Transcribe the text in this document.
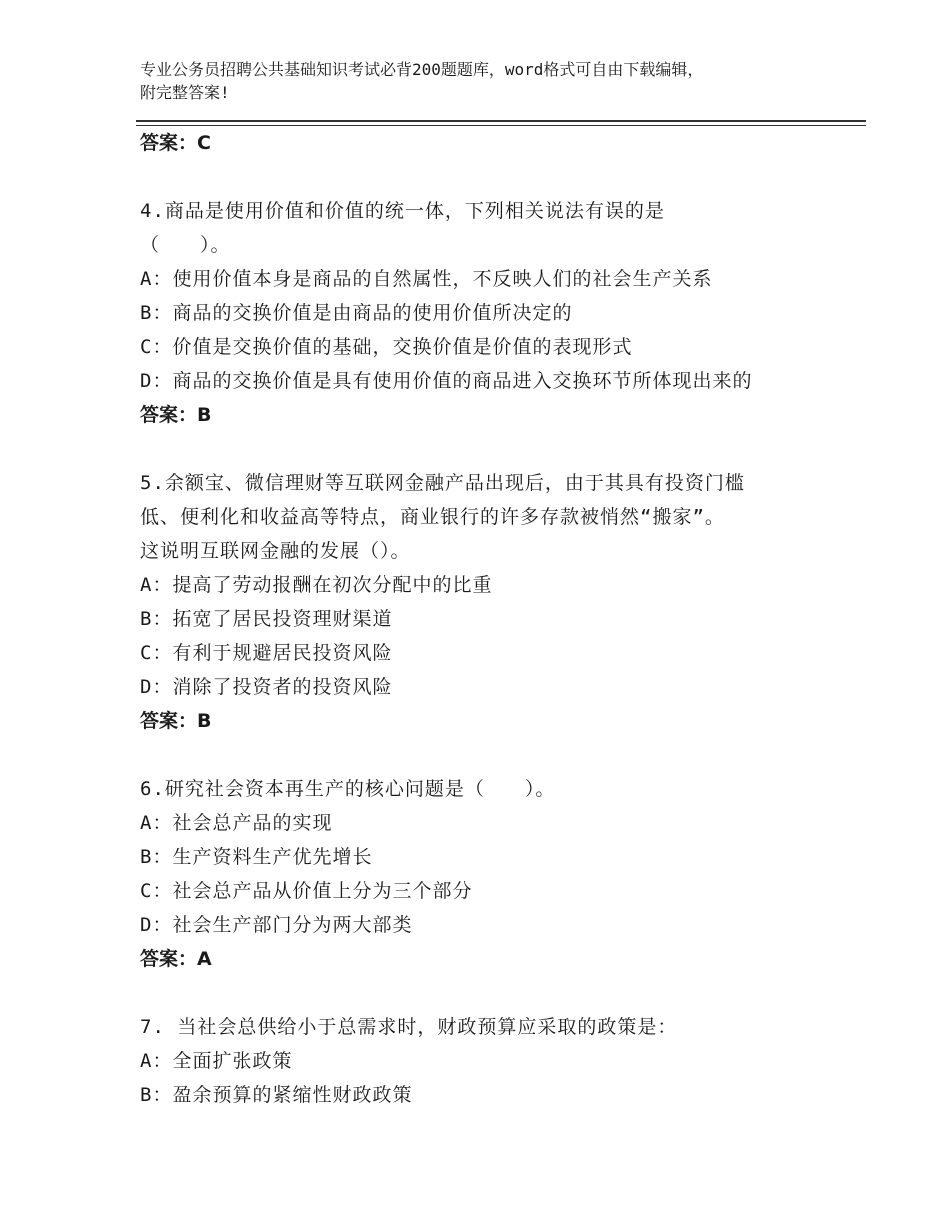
专业公务员招聘公共基础知识考试必背200题题库，word格式可自由下载编辑，
附完整答案!
答案：C
4.商品是使用价值和价值的统一体，下列相关说法有误的是
（　　）。
A：使用价值本身是商品的自然属性，不反映人们的社会生产关系
B：商品的交换价值是由商品的使用价值所决定的
C：价值是交换价值的基础，交换价值是价值的表现形式
D：商品的交换价值是具有使用价值的商品进入交换环节所体现出来的
答案：B
5.余额宝、微信理财等互联网金融产品出现后，由于其具有投资门槛
低、便利化和收益高等特点，商业银行的许多存款被悄然“搬家”。
这说明互联网金融的发展（）。
A：提高了劳动报酬在初次分配中的比重
B：拓宽了居民投资理财渠道
C：有利于规避居民投资风险
D：消除了投资者的投资风险
答案：B
6.研究社会资本再生产的核心问题是（　　）。
A：社会总产品的实现
B：生产资料生产优先增长
C：社会总产品从价值上分为三个部分
D：社会生产部门分为两大部类
答案：A
7. 当社会总供给小于总需求时，财政预算应采取的政策是：
A：全面扩张政策
B：盈余预算的紧缩性财政政策
